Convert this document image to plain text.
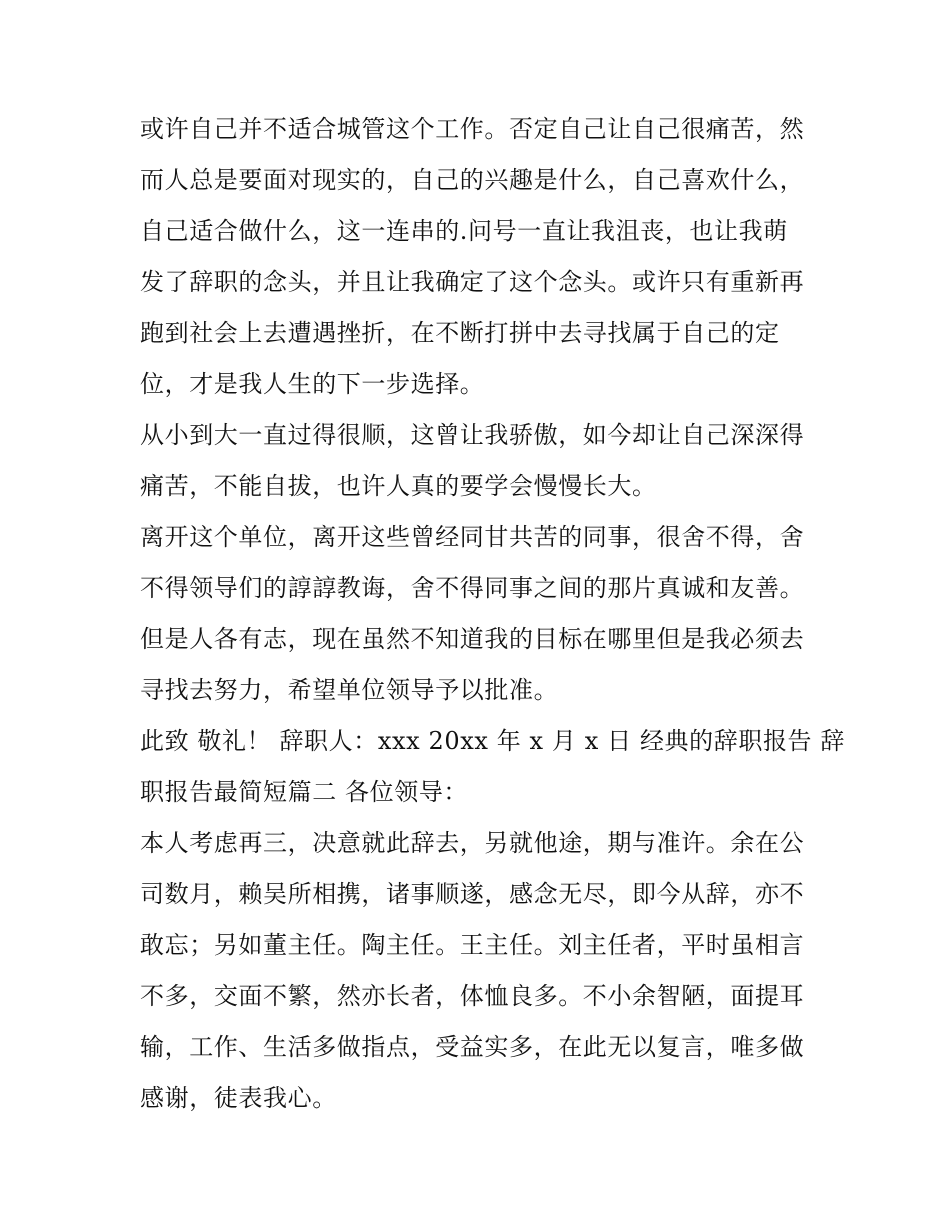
或许自己并不适合城管这个工作。否定自己让自己很痛苦，然
而人总是要面对现实的，自己的兴趣是什么，自己喜欢什么，
自己适合做什么，这一连串的.问号一直让我沮丧，也让我萌
发了辞职的念头，并且让我确定了这个念头。或许只有重新再
跑到社会上去遭遇挫折，在不断打拼中去寻找属于自己的定
位，才是我人生的下一步选择。
从小到大一直过得很顺，这曾让我骄傲，如今却让自己深深得
痛苦，不能自拔，也许人真的要学会慢慢长大。
离开这个单位，离开这些曾经同甘共苦的同事，很舍不得，舍
不得领导们的諄諄教诲，舍不得同事之间的那片真诚和友善。
但是人各有志，现在虽然不知道我的目标在哪里但是我必须去
寻找去努力，希望单位领导予以批准。
此致 敬礼！ 辞职人：xxx 20xx 年 x 月 x 日 经典的辞职报告 辞
职报告最简短篇二 各位领导：
本人考虑再三，决意就此辞去，另就他途，期与准许。余在公
司数月，赖吴所相携，诸事顺遂，感念无尽，即今从辞，亦不
敢忘；另如董主任。陶主任。王主任。刘主任者，平时虽相言
不多，交面不繁，然亦长者，体恤良多。不小余智陋，面提耳
输，工作、生活多做指点，受益实多，在此无以复言，唯多做
感谢，徒表我心。
